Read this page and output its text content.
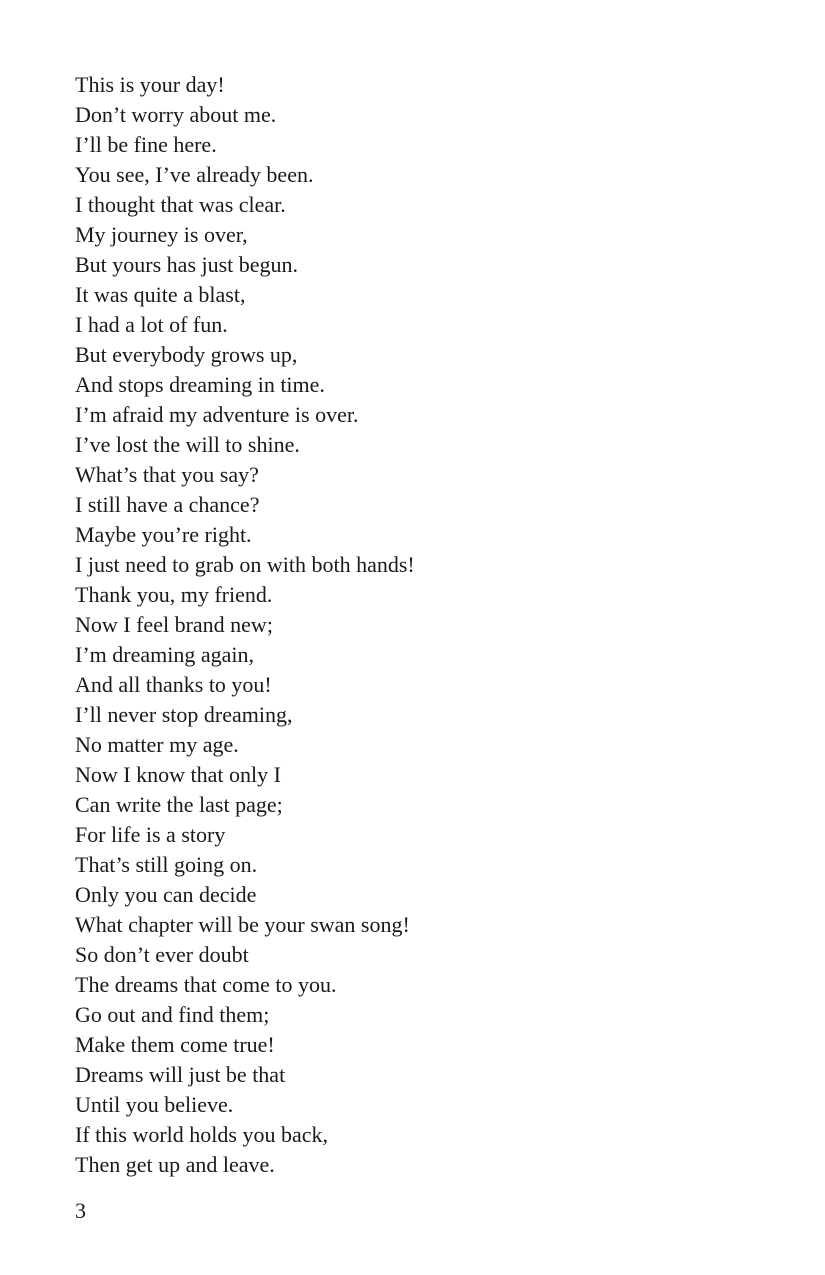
This is your day!
Don’t worry about me.
I’ll be fine here.
You see, I’ve already been.
I thought that was clear.
My journey is over,
But yours has just begun.
It was quite a blast,
I had a lot of fun.
But everybody grows up,
And stops dreaming in time.
I’m afraid my adventure is over.
I’ve lost the will to shine.
What’s that you say?
I still have a chance?
Maybe you’re right.
I just need to grab on with both hands!
Thank you, my friend.
Now I feel brand new;
I’m dreaming again,
And all thanks to you!
I’ll never stop dreaming,
No matter my age.
Now I know that only I
Can write the last page;
For life is a story
That’s still going on.
Only you can decide
What chapter will be your swan song!
So don’t ever doubt
The dreams that come to you.
Go out and find them;
Make them come true!
Dreams will just be that
Until you believe.
If this world holds you back,
Then get up and leave.
3
